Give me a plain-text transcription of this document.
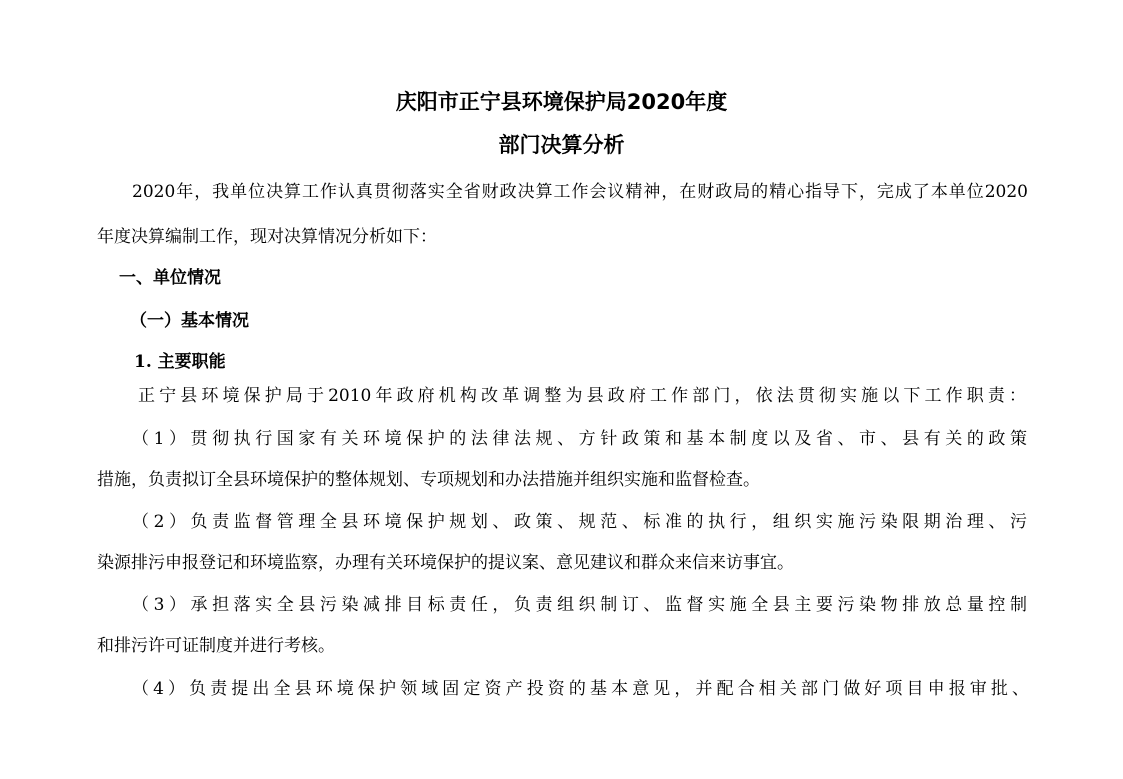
庆阳市正宁县环境保护局2020年度
部门决算分析

2020年，我单位决算工作认真贯彻落实全省财政决算工作会议精神，在财政局的精心指导下，完成了本单位2020

年度决算编制工作，现对决算情况分析如下：

一、单位情况

（一）基本情况

1. 主要职能

正宁县环境保护局于2010年政府机构改革调整为县政府工作部门，依法贯彻实施以下工作职责：

（1）贯彻执行国家有关环境保护的法律法规、方针政策和基本制度以及省、市、县有关的政策

措施，负责拟订全县环境保护的整体规划、专项规划和办法措施并组织实施和监督检查。

（2）负责监督管理全县环境保护规划、政策、规范、标准的执行，组织实施污染限期治理、污

染源排污申报登记和环境监察，办理有关环境保护的提议案、意见建议和群众来信来访事宜。

（3）承担落实全县污染减排目标责任，负责组织制订、监督实施全县主要污染物排放总量控制

和排污许可证制度并进行考核。

（4）负责提出全县环境保护领域固定资产投资的基本意见，并配合相关部门做好项目申报审批、
